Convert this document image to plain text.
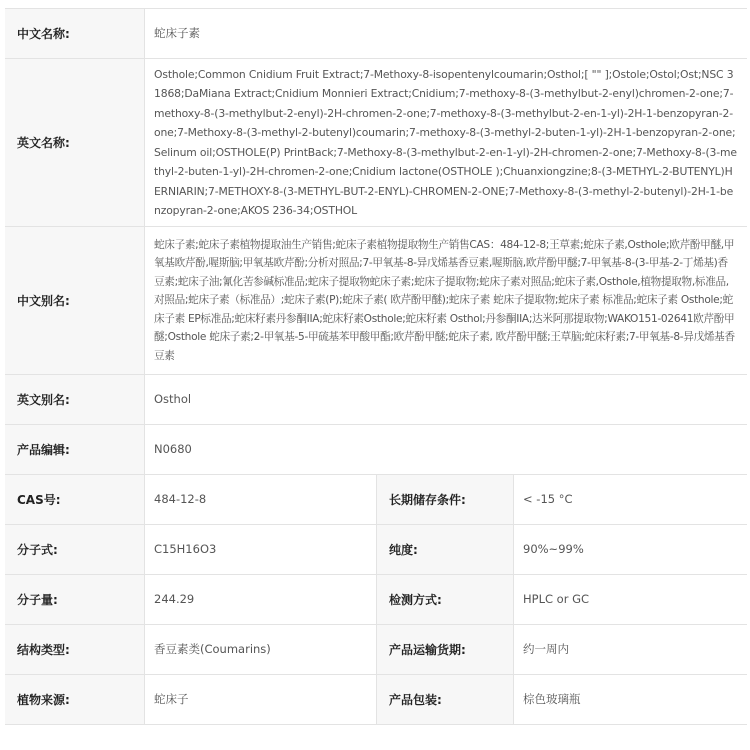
中文名称:	蛇床子素
英文名称:
Osthole;Common Cnidium Fruit Extract;7-Methoxy-8-isopentenylcoumarin;Osthol;[ "" ];Ostole;Ostol;Ost;NSC 31868;DaMiana Extract;Cnidium Monnieri Extract;Cnidium;7-methoxy-8-(3-methylbut-2-enyl)chromen-2-one;7-methoxy-8-(3-methylbut-2-enyl)-2H-chromen-2-one;7-methoxy-8-(3-methylbut-2-en-1-yl)-2H-1-benzopyran-2-one;7-Methoxy-8-(3-methyl-2-butenyl)coumarin;7-methoxy-8-(3-methyl-2-buten-1-yl)-2H-1-benzopyran-2-one;Selinum oil;OSTHOLE(P) PrintBack;7-Methoxy-8-(3-methylbut-2-en-1-yl)-2H-chromen-2-one;7-Methoxy-8-(3-methyl-2-buten-1-yl)-2H-chromen-2-one;Cnidium lactone(OSTHOLE );Chuanxiongzine;8-(3-METHYL-2-BUTENYL)HERNIARIN;7-METHOXY-8-(3-METHYL-BUT-2-ENYL)-CHROMEN-2-ONE;7-Methoxy-8-(3-methyl-2-butenyl)-2H-1-benzopyran-2-one;AKOS 236-34;OSTHOL
中文别名:
蛇床子素;蛇床子素植物提取油生产销售;蛇床子素植物提取物生产销售CAS：484-12-8;王草素;蛇床子素,Osthole;欧芹酚甲醚,甲氧基欧芹酚,喔斯脑;甲氧基欧芹酚;分析对照品;7-甲氧基-8-异戊烯基香豆素,喔斯脑,欧芹酚甲醚;7-甲氧基-8-(3-甲基-2-丁烯基)香豆素;蛇床子油;氰化苦参碱标准品;蛇床子提取物蛇床子素;蛇床子提取物;蛇床子素对照品;蛇床子素,Osthole,植物提取物,标准品,对照品;蛇床子素（标准品）;蛇床子素(P);蛇床子素( 欧芹酚甲醚);蛇床子素 蛇床子提取物;蛇床子素 标准品;蛇床子素 Osthole;蛇床子素 EP标准品;蛇床籽素丹参酮IIA;蛇床籽素Osthole;蛇床籽素 Osthol;丹参酮IIA;达米阿那提取物;WAKO151-02641欧芹酚甲醚;Osthole 蛇床子素;2-甲氧基-5-甲硫基苯甲酸甲酯;欧芹酚甲醚;蛇床子素, 欧芹酚甲醚;王草脑;蛇床籽素;7-甲氧基-8-异戊烯基香豆素
英文别名:	Osthol
产品编辑:	N0680
CAS号:	484-12-8	长期储存条件:	< -15 °C
分子式:	C15H16O3	纯度:	90%~99%
分子量:	244.29	检测方式:	HPLC or GC
结构类型:	香豆素类(Coumarins)	产品运输货期:	约一周内
植物来源:	蛇床子	产品包装:	棕色玻璃瓶
